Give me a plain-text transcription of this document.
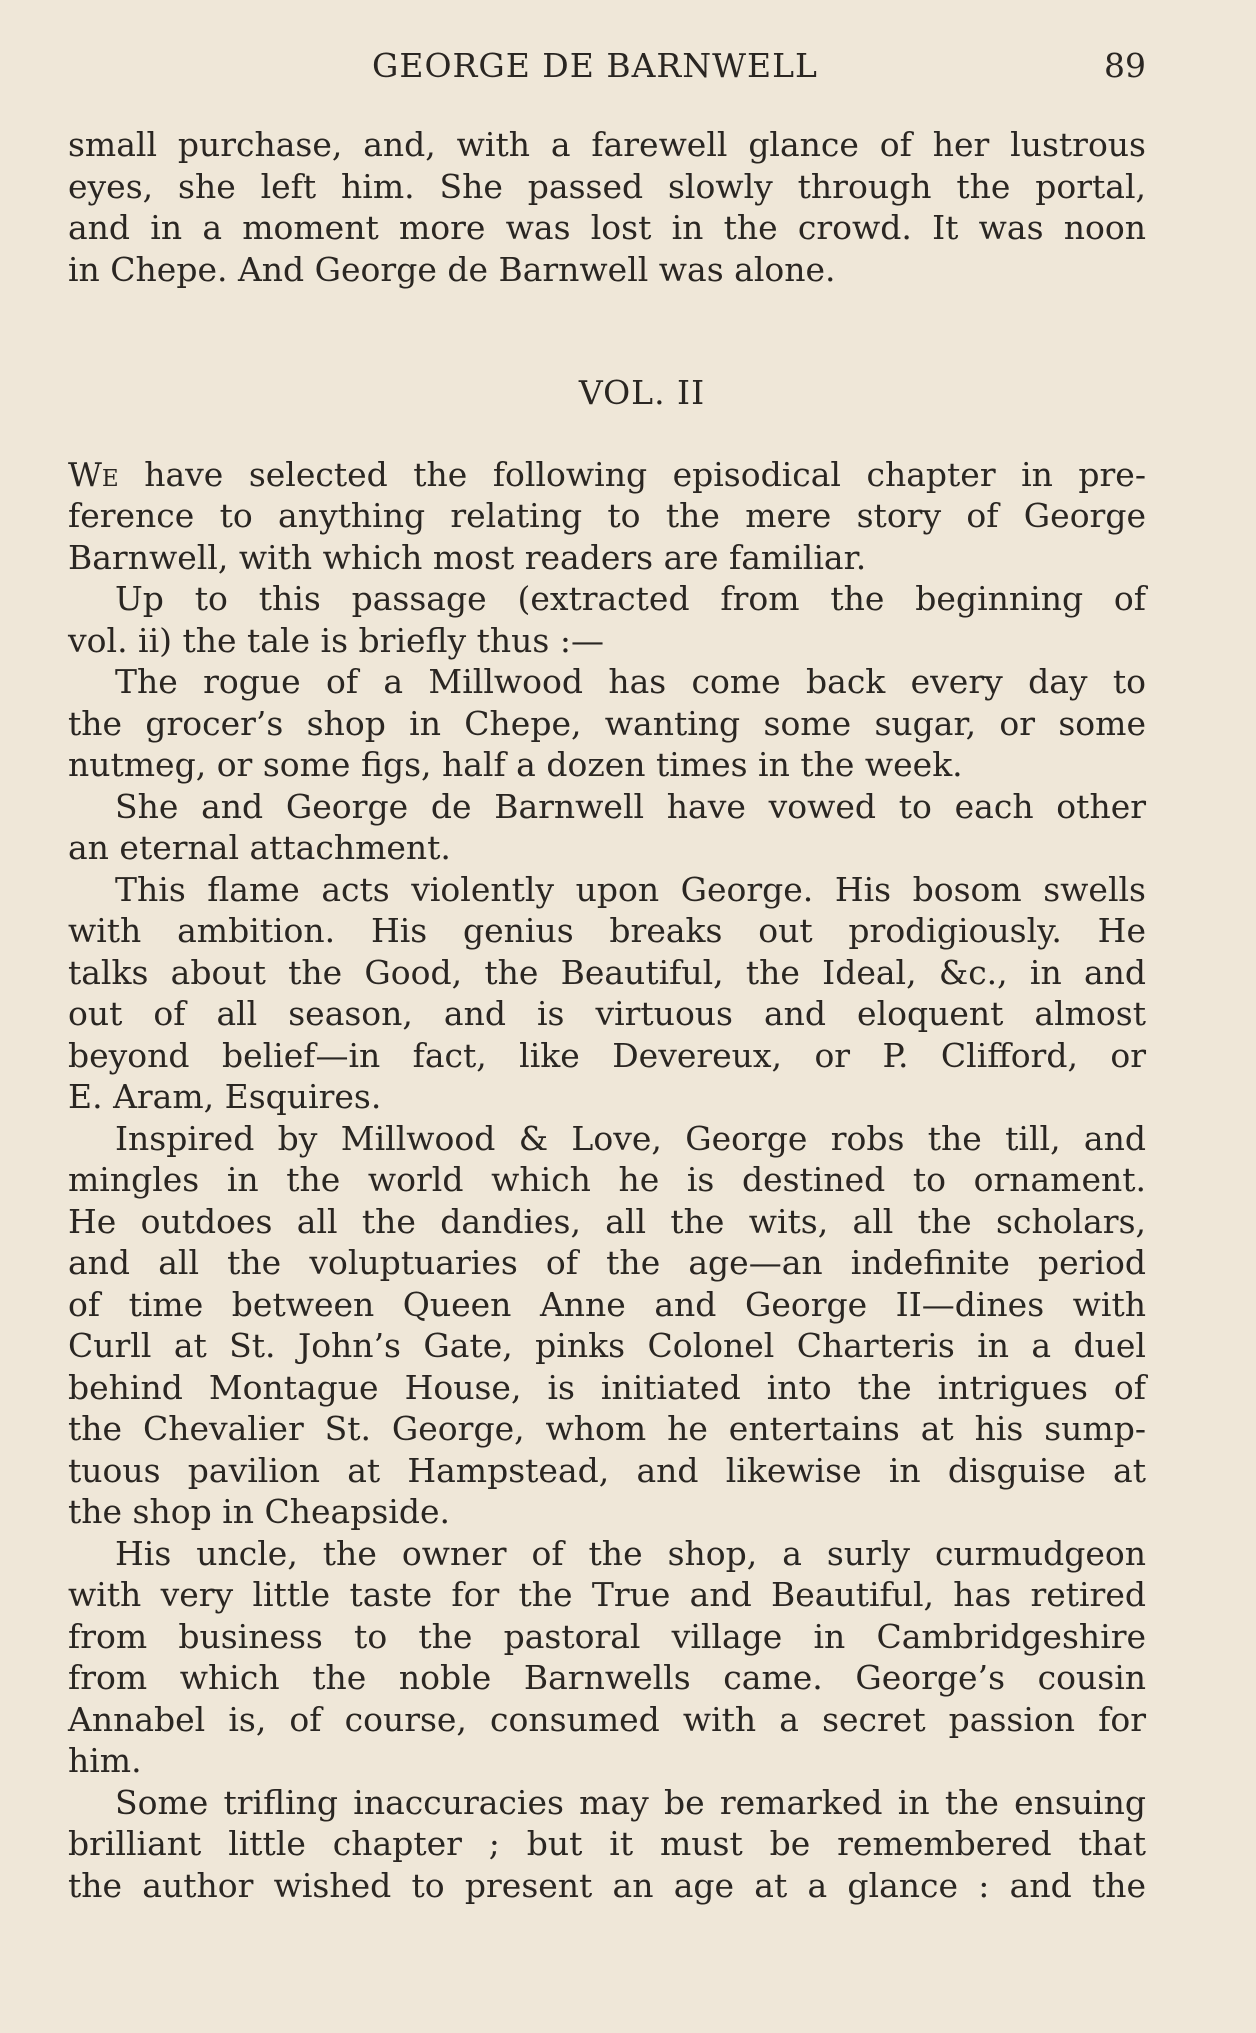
GEORGE DE BARNWELL	89
small purchase, and, with a farewell glance of her lustrous
eyes, she left him. She passed slowly through the portal,
and in a moment more was lost in the crowd. It was noon
in Chepe. And George de Barnwell was alone.
VOL. II
We have selected the following episodical chapter in pre-
ference to anything relating to the mere story of George
Barnwell, with which most readers are familiar.
Up to this passage (extracted from the beginning of
vol. ii) the tale is briefly thus :—
The rogue of a Millwood has come back every day to
the grocer’s shop in Chepe, wanting some sugar, or some
nutmeg, or some figs, half a dozen times in the week.
She and George de Barnwell have vowed to each other
an eternal attachment.
This flame acts violently upon George. His bosom swells
with ambition. His genius breaks out prodigiously. He
talks about the Good, the Beautiful, the Ideal, &c., in and
out of all season, and is virtuous and eloquent almost
beyond belief—in fact, like Devereux, or P. Clifford, or
E. Aram, Esquires.
Inspired by Millwood & Love, George robs the till, and
mingles in the world which he is destined to ornament.
He outdoes all the dandies, all the wits, all the scholars,
and all the voluptuaries of the age—an indefinite period
of time between Queen Anne and George II—dines with
Curll at St. John’s Gate, pinks Colonel Charteris in a duel
behind Montague House, is initiated into the intrigues of
the Chevalier St. George, whom he entertains at his sump-
tuous pavilion at Hampstead, and likewise in disguise at
the shop in Cheapside.
His uncle, the owner of the shop, a surly curmudgeon
with very little taste for the True and Beautiful, has retired
from business to the pastoral village in Cambridgeshire
from which the noble Barnwells came. George’s cousin
Annabel is, of course, consumed with a secret passion for
him.
Some trifling inaccuracies may be remarked in the ensuing
brilliant little chapter ; but it must be remembered that
the author wished to present an age at a glance : and the
